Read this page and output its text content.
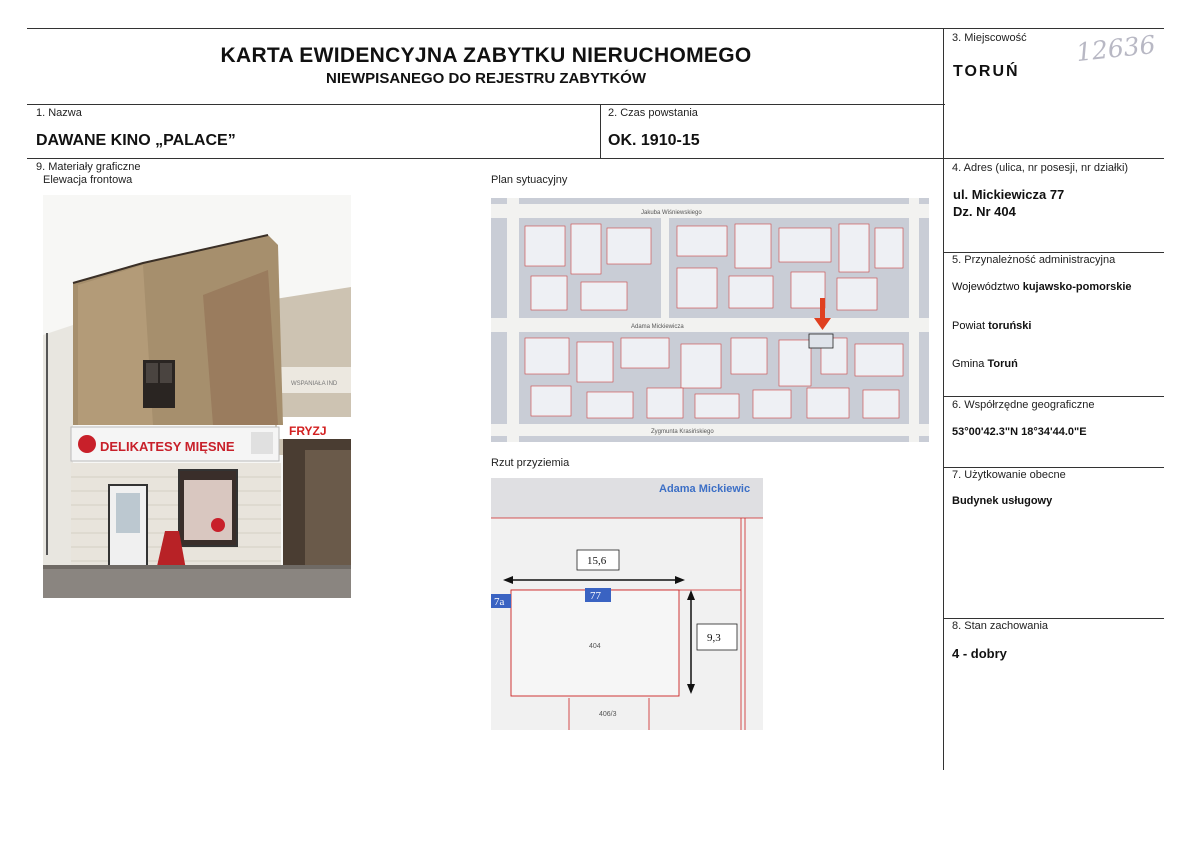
KARTA EWIDENCYJNA ZABYTKU NIERUCHOMEGO
NIEWPISANEGO DO REJESTRU ZABYTKÓW
12636
3. Miejscowość
TORUŃ
1. Nazwa
DAWANE KINO „PALACE”
2. Czas powstania
OK. 1910-15
4. Adres (ulica, nr posesji, nr działki)
ul. Mickiewicza 77
Dz. Nr 404
5. Przynależność administracyjna
Województwo kujawsko-pomorskie
Powiat toruński
Gmina Toruń
6. Współrzędne geograficzne
53°00'42.3"N 18°34'44.0"E
7. Użytkowanie obecne
Budynek usługowy
8. Stan zachowania
4 - dobry
9. Materiały graficzne
Elewacja frontowa	Plan sytuacyjny
Rzut przyziemia
FRYZJ
WSPANIAŁA IND
DELIKATESY MIĘSNE
Jakuba Wiśniewskiego
Adama Mickiewicza
Zygmunta Krasińskiego
Adama Mickiewic
404
406/3
7a	77
15,6
9,3
